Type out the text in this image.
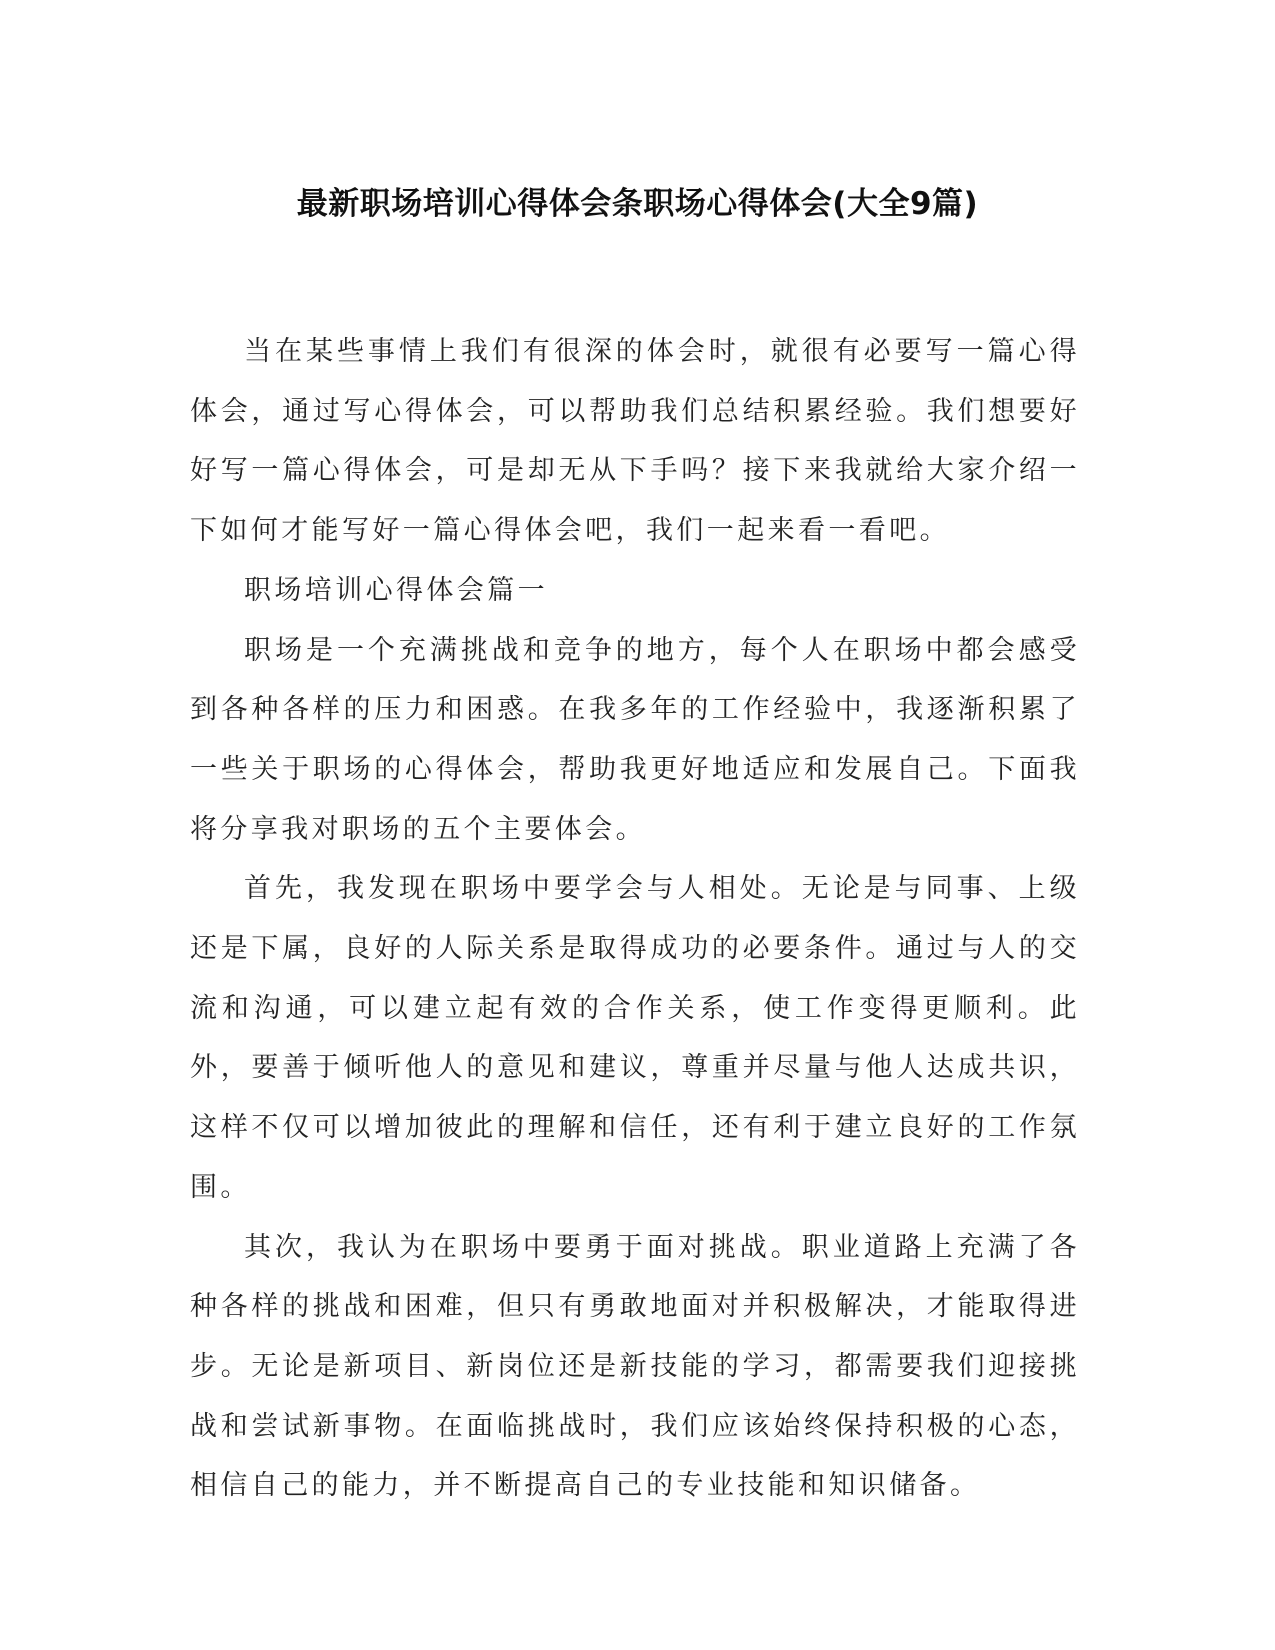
最新职场培训心得体会条职场心得体会(大全9篇)

当在某些事情上我们有很深的体会时，就很有必要写一篇心得体会，通过写心得体会，可以帮助我们总结积累经验。我们想要好好写一篇心得体会，可是却无从下手吗？接下来我就给大家介绍一下如何才能写好一篇心得体会吧，我们一起来看一看吧。

职场培训心得体会篇一

职场是一个充满挑战和竞争的地方，每个人在职场中都会感受到各种各样的压力和困惑。在我多年的工作经验中，我逐渐积累了一些关于职场的心得体会，帮助我更好地适应和发展自己。下面我将分享我对职场的五个主要体会。

首先，我发现在职场中要学会与人相处。无论是与同事、上级还是下属，良好的人际关系是取得成功的必要条件。通过与人的交流和沟通，可以建立起有效的合作关系，使工作变得更顺利。此外，要善于倾听他人的意见和建议，尊重并尽量与他人达成共识，这样不仅可以增加彼此的理解和信任，还有利于建立良好的工作氛围。

其次，我认为在职场中要勇于面对挑战。职业道路上充满了各种各样的挑战和困难，但只有勇敢地面对并积极解决，才能取得进步。无论是新项目、新岗位还是新技能的学习，都需要我们迎接挑战和尝试新事物。在面临挑战时，我们应该始终保持积极的心态，相信自己的能力，并不断提高自己的专业技能和知识储备。
